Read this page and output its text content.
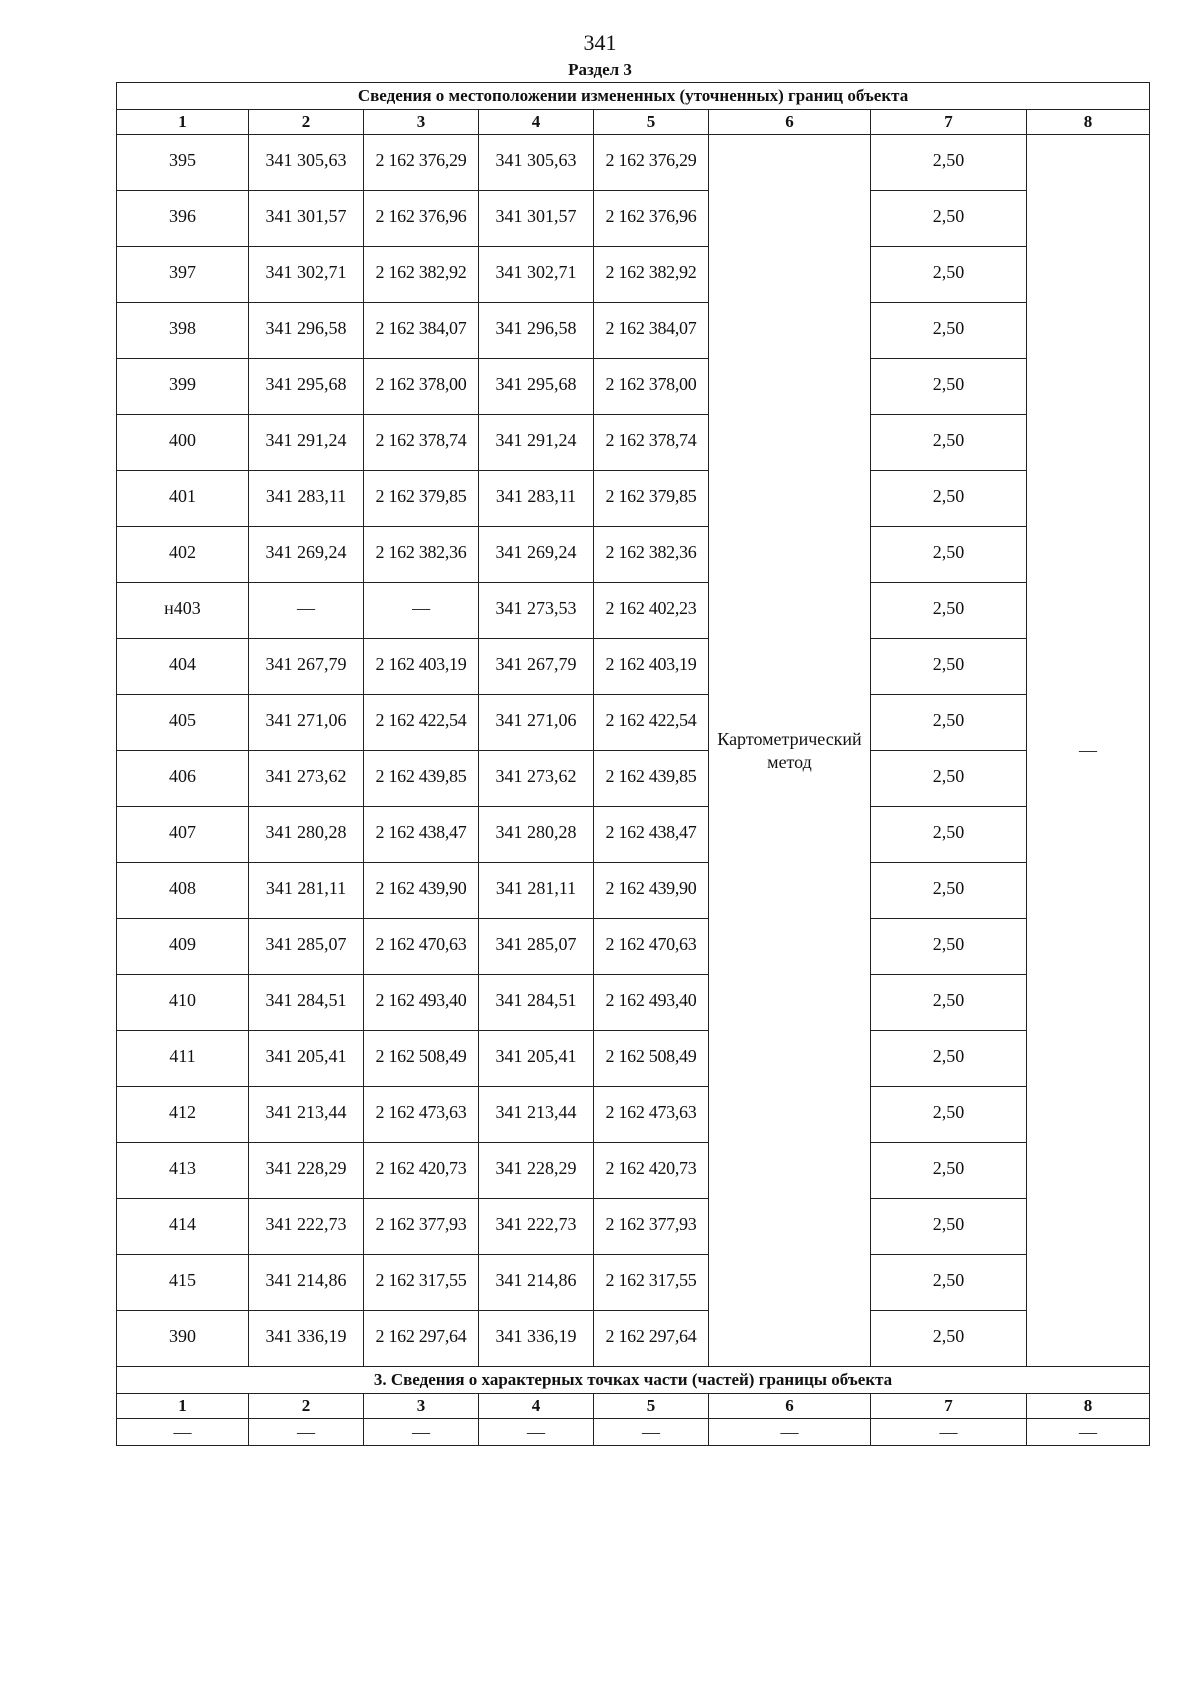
341
Раздел 3
Сведения о местоположении измененных (уточненных) границ объекта							
1	2	3	4	5	6	7	8
395	341 305,63	2 162 376,29	341 305,63	2 162 376,29	Картометрический метод	2,50	—
396	341 301,57	2 162 376,96	341 301,57	2 162 376,96		2,50	
397	341 302,71	2 162 382,92	341 302,71	2 162 382,92		2,50	
398	341 296,58	2 162 384,07	341 296,58	2 162 384,07		2,50	
399	341 295,68	2 162 378,00	341 295,68	2 162 378,00		2,50	
400	341 291,24	2 162 378,74	341 291,24	2 162 378,74		2,50	
401	341 283,11	2 162 379,85	341 283,11	2 162 379,85		2,50	
402	341 269,24	2 162 382,36	341 269,24	2 162 382,36		2,50	
н403	—	—	341 273,53	2 162 402,23		2,50	
404	341 267,79	2 162 403,19	341 267,79	2 162 403,19		2,50	
405	341 271,06	2 162 422,54	341 271,06	2 162 422,54		2,50	
406	341 273,62	2 162 439,85	341 273,62	2 162 439,85		2,50	
407	341 280,28	2 162 438,47	341 280,28	2 162 438,47		2,50	
408	341 281,11	2 162 439,90	341 281,11	2 162 439,90		2,50	
409	341 285,07	2 162 470,63	341 285,07	2 162 470,63		2,50	
410	341 284,51	2 162 493,40	341 284,51	2 162 493,40		2,50	
411	341 205,41	2 162 508,49	341 205,41	2 162 508,49		2,50	
412	341 213,44	2 162 473,63	341 213,44	2 162 473,63		2,50	
413	341 228,29	2 162 420,73	341 228,29	2 162 420,73		2,50	
414	341 222,73	2 162 377,93	341 222,73	2 162 377,93		2,50	
415	341 214,86	2 162 317,55	341 214,86	2 162 317,55		2,50	
390	341 336,19	2 162 297,64	341 336,19	2 162 297,64		2,50	
3. Сведения о характерных точках части (частей) границы объекта							
1	2	3	4	5	6	7	8
—	—	—	—	—	—	—	—
